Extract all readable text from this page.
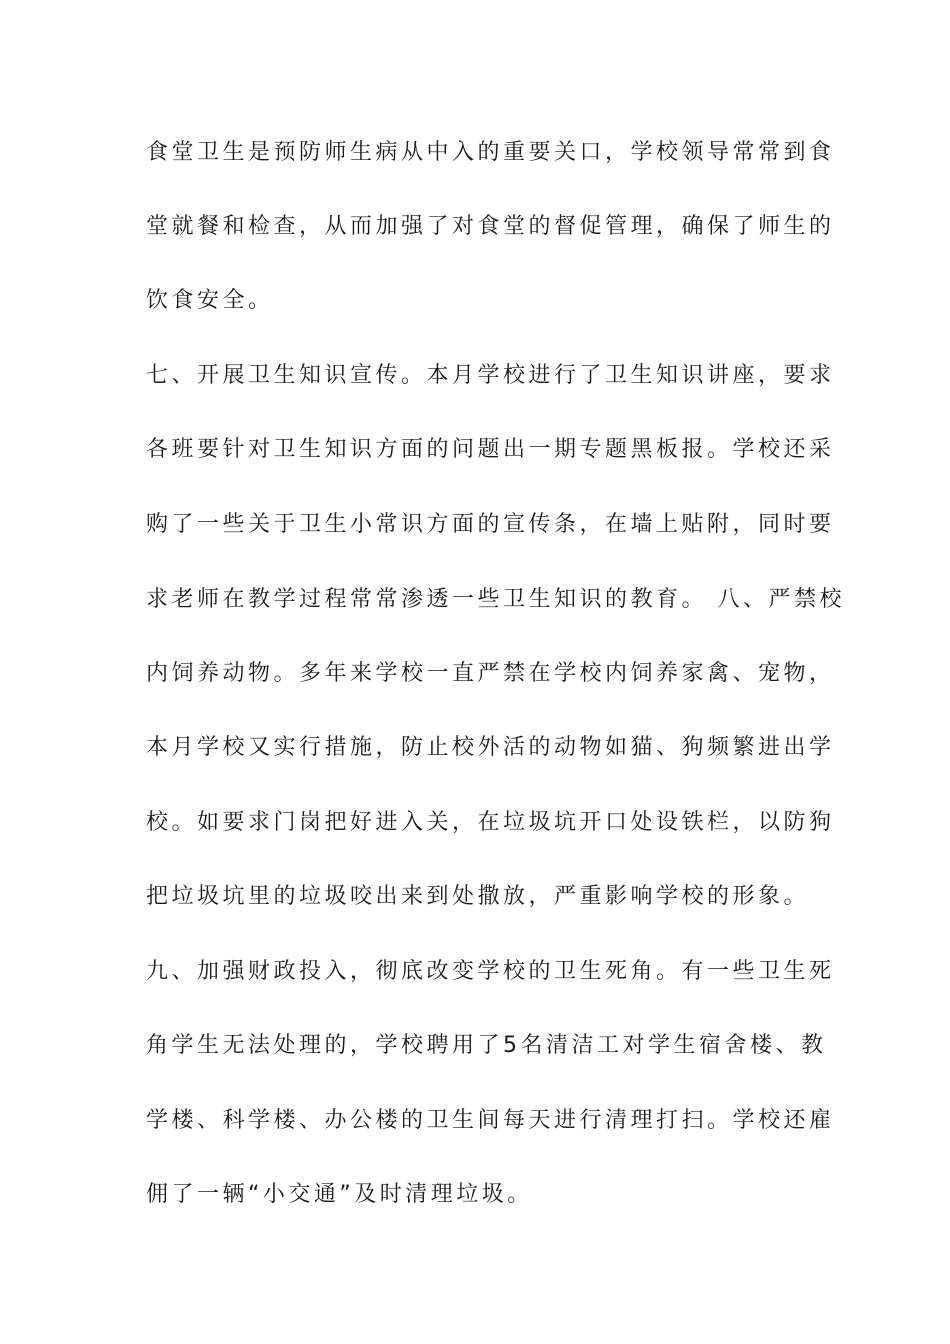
食堂卫生是预防师生病从中入的重要关口，学校领导常常到食
堂就餐和检查，从而加强了对食堂的督促管理，确保了师生的
饮食安全。
七、开展卫生知识宣传。本月学校进行了卫生知识讲座，要求
各班要针对卫生知识方面的问题出一期专题黑板报。学校还采
购了一些关于卫生小常识方面的宣传条，在墙上贴附，同时要
求老师在教学过程常常渗透一些卫生知识的教育。 八、严禁校
内饲养动物。多年来学校一直严禁在学校内饲养家禽、宠物，
本月学校又实行措施，防止校外活的动物如猫、狗频繁进出学
校。如要求门岗把好进入关，在垃圾坑开口处设铁栏，以防狗
把垃圾坑里的垃圾咬出来到处撒放，严重影响学校的形象。
九、加强财政投入，彻底改变学校的卫生死角。有一些卫生死
角学生无法处理的，学校聘用了5名清洁工对学生宿舍楼、教
学楼、科学楼、办公楼的卫生间每天进行清理打扫。学校还雇
佣了一辆“小交通”及时清理垃圾。
